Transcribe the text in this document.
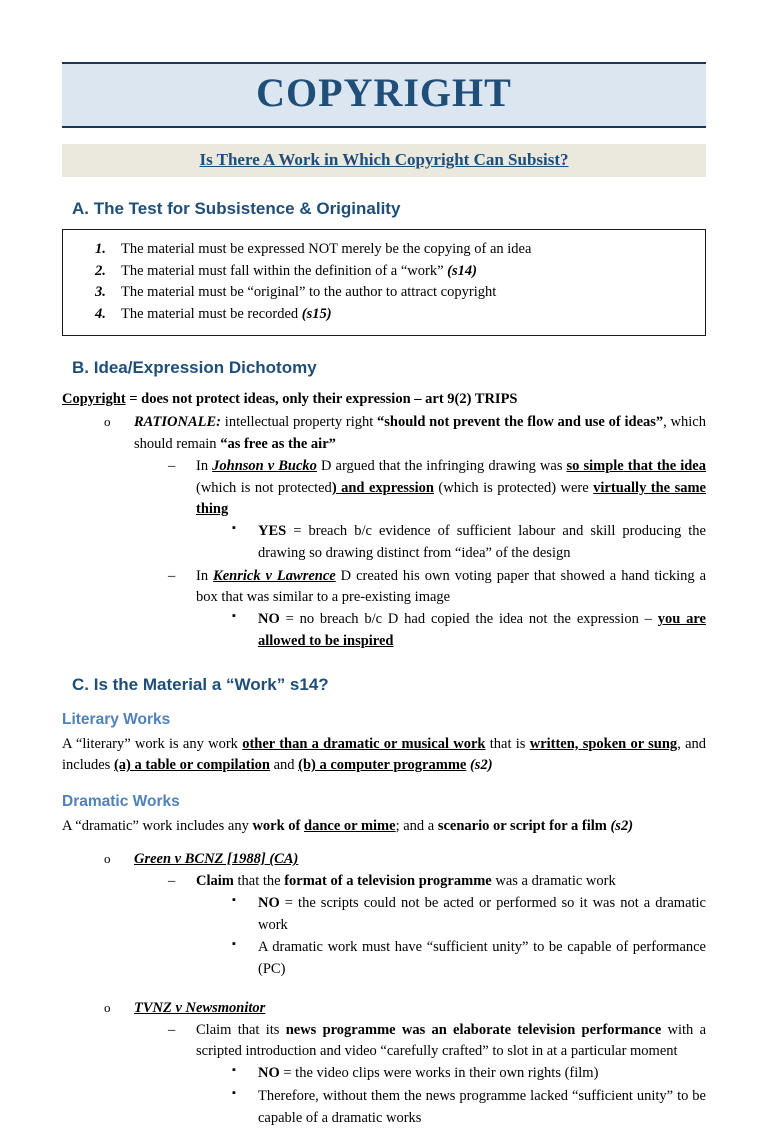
COPYRIGHT
Is There A Work in Which Copyright Can Subsist?
A. The Test for Subsistence & Originality
The material must be expressed NOT merely be the copying of an idea
The material must fall within the definition of a “work” (s14)
The material must be “original” to the author to attract copyright
The material must be recorded (s15)
B. Idea/Expression Dichotomy

Copyright = does not protect ideas, only their expression – art 9(2) TRIPS

o RATIONALE: intellectual property right “should not prevent the flow and use of ideas”, which should remain “as free as the air”
– In Johnson v Bucko D argued that the infringing drawing was so simple that the idea (which is not protected) and expression (which is protected) were virtually the same thing
▪ YES = breach b/c evidence of sufficient labour and skill producing the drawing so drawing distinct from “idea” of the design
– In Kenrick v Lawrence D created his own voting paper that showed a hand ticking a box that was similar to a pre-existing image
▪ NO = no breach b/c D had copied the idea not the expression – you are allowed to be inspired
C. Is the Material a “Work” s14?
Literary Works

A “literary” work is any work other than a dramatic or musical work that is written, spoken or sung, and includes (a) a table or compilation and (b) a computer programme (s2)

Dramatic Works

A “dramatic” work includes any work of dance or mime; and a scenario or script for a film (s2)

o Green v BCNZ [1988] (CA)
– Claim that the format of a television programme was a dramatic work
▪ NO = the scripts could not be acted or performed so it was not a dramatic work
▪ A dramatic work must have “sufficient unity” to be capable of performance (PC)
o TVNZ v Newsmonitor
– Claim that its news programme was an elaborate television performance with a scripted introduction and video “carefully crafted” to slot in at a particular moment
▪ NO = the video clips were works in their own rights (film)
▪ Therefore, without them the news programme lacked “sufficient unity” to be capable of a dramatic works
